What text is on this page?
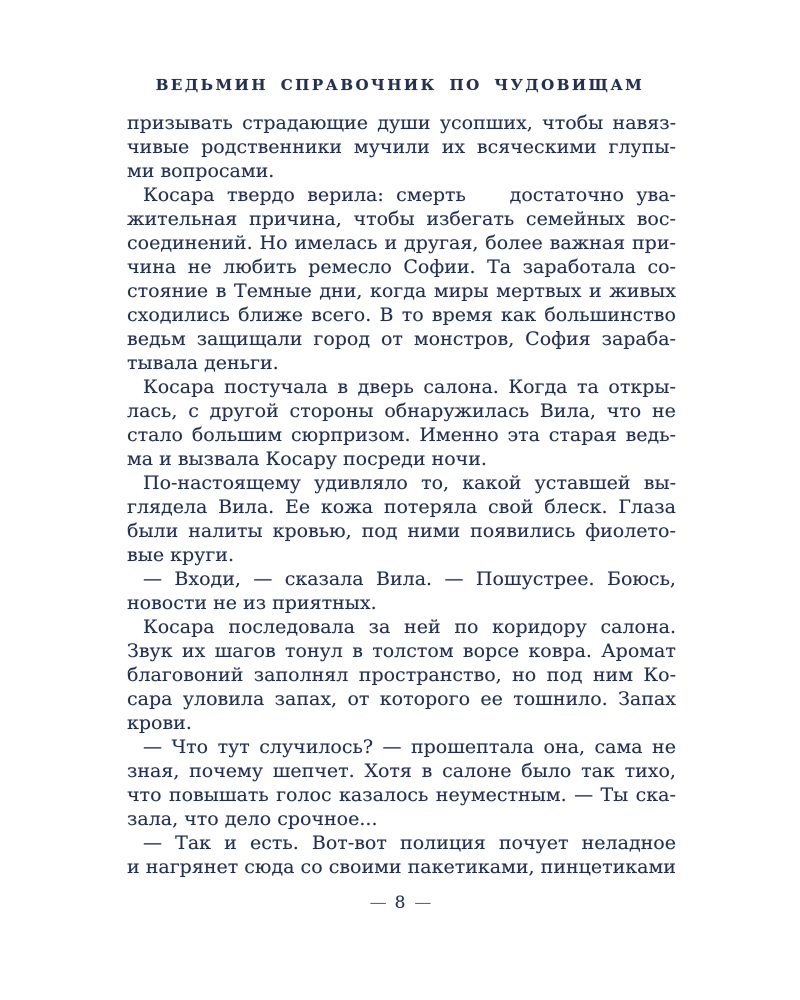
ВЕДЬМИН СПРАВОЧНИК ПО ЧУДОВИЩАМ
призывать страдающие души усопших, чтобы навяз-
чивые родственники мучили их всяческими глупы-
ми вопросами.
Косара твердо верила: смерть
  достаточно ува-
жительная причина, чтобы избегать семейных вос-
соединений. Но имелась и другая, более важная при-
чина не любить ремесло Софии. Та заработала со-
стояние в Темные дни, когда миры мертвых и живых
сходились ближе всего. В то время как большинство
ведьм защищали город от монстров, София зараба-
тывала деньги.
Косара постучала в дверь салона. Когда та откры-
лась, с другой стороны обнаружилась Вила, что не
стало большим сюрпризом. Именно эта старая ведь-
ма и вызвала Косару посреди ночи.
По-настоящему удивляло то, какой уставшей вы-
глядела Вила. Ее кожа потеряла свой блеск. Глаза
были налиты кровью, под ними появились фиолето-
вые круги.
— Входи, — сказала Вила. — Пошустрее. Боюсь,
новости не из приятных.
Косара последовала за ней по коридору салона.
Звук их шагов тонул в толстом ворсе ковра. Аромат
благовоний заполнял пространство, но под ним Ко-
сара уловила запах, от которого ее тошнило. Запах
крови.
— Что тут случилось? — прошептала она, сама не
зная, почему шепчет. Хотя в салоне было так тихо,
что повышать голос казалось неуместным. — Ты ска-
зала, что дело срочное...
— Так и есть. Вот-вот полиция почует неладное
и нагрянет сюда со своими пакетиками, пинцетиками
— 8 —
